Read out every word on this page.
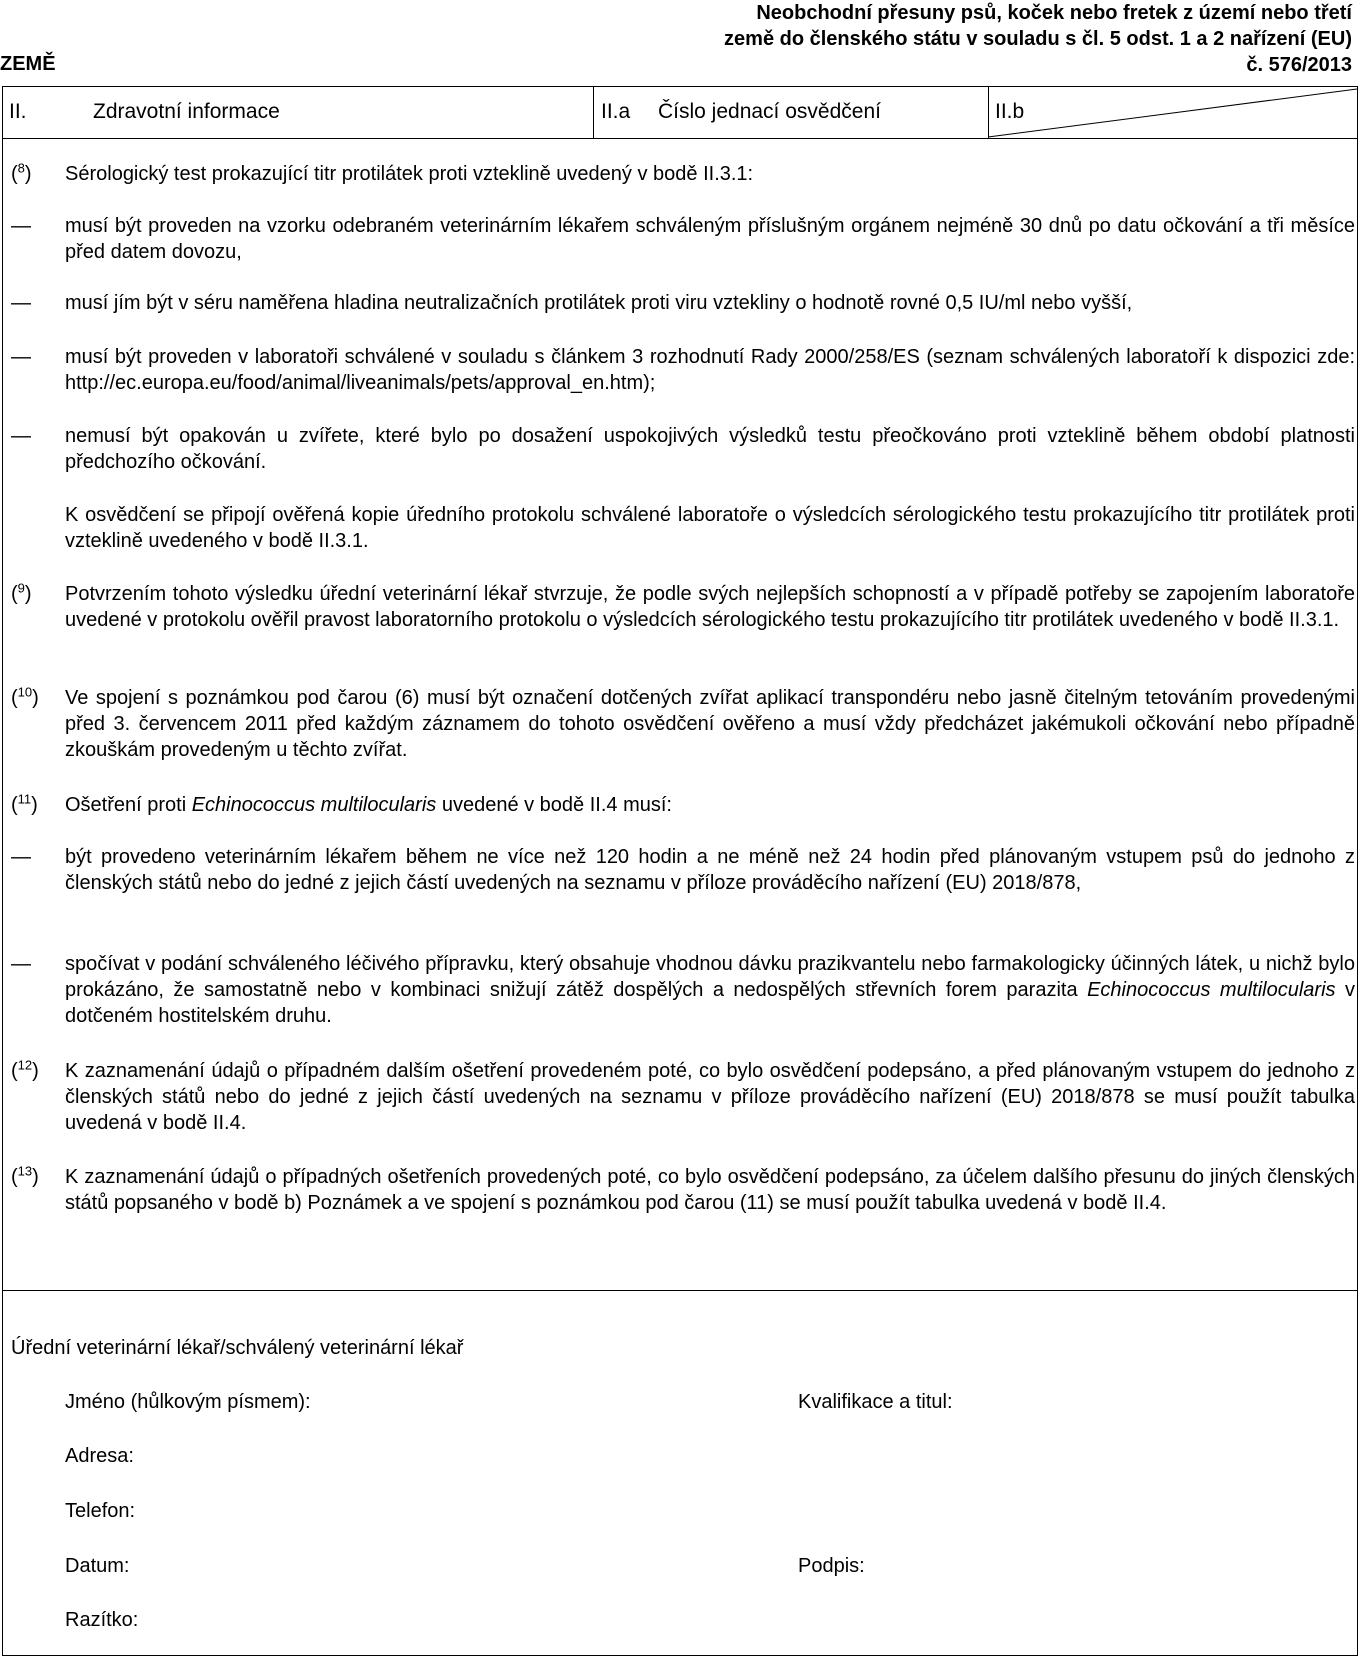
ZEMĚ
Neobchodní přesuny psů, koček nebo fretek z území nebo třetí
země do členského státu v souladu s čl. 5 odst. 1 a 2 nařízení (EU)
č. 576/2013
II.	Zdravotní informace	II.a Číslo jednací osvědčení	II.b
($^8$) Sérologický test prokazující titr protilátek proti vzteklině uvedený v bodě II.3.1:
— musí být proveden na vzorku odebraném veterinárním lékařem schváleným příslušným orgánem nejméně 30 dnů po datu očkování a tři měsíce před datem dovozu,
— musí jím být v séru naměřena hladina neutralizačních protilátek proti viru vztekliny o hodnotě rovné 0,5 IU/ml nebo vyšší,
— musí být proveden v laboratoři schválené v souladu s článkem 3 rozhodnutí Rady 2000/258/ES (seznam schválených laboratoří k dispozici zde: http://ec.europa.eu/food/animal/liveanimals/pets/approval_en.htm);
— nemusí být opakován u zvířete, které bylo po dosažení uspokojivých výsledků testu přeočkováno proti vzteklině během období platnosti předchozího očkování.
K osvědčení se připojí ověřená kopie úředního protokolu schválené laboratoře o výsledcích sérologického testu prokazujícího titr protilátek proti vzteklině uvedeného v bodě II.3.1.
($^9$) Potvrzením tohoto výsledku úřední veterinární lékař stvrzuje, že podle svých nejlepších schopností a v případě potřeby se zapojením laboratoře uvedené v protokolu ověřil pravost laboratorního protokolu o výsledcích sérologického testu prokazujícího titr protilátek uvedeného v bodě II.3.1.
($^{10}$) Ve spojení s poznámkou pod čarou (6) musí být označení dotčených zvířat aplikací transpondéru nebo jasně čitelným tetováním provedenými před 3. červencem 2011 před každým záznamem do tohoto osvědčení ověřeno a musí vždy předcházet jakémukoli očkování nebo případně zkouškám provedeným u těchto zvířat.
($^{11}$) Ošetření proti Echinococcus multilocularis uvedené v bodě II.4 musí:
— být provedeno veterinárním lékařem během ne více než 120 hodin a ne méně než 24 hodin před plánovaným vstupem psů do jednoho z členských států nebo do jedné z jejich částí uvedených na seznamu v příloze prováděcího nařízení (EU) 2018/878,
— spočívat v podání schváleného léčivého přípravku, který obsahuje vhodnou dávku prazikvantelu nebo farmakologicky účinných látek, u nichž bylo prokázáno, že samostatně nebo v kombinaci snižují zátěž dospělých a nedospělých střevních forem parazita Echinococcus multilocularis v dotčeném hostitelském druhu.
($^{12}$) K zaznamenání údajů o případném dalším ošetření provedeném poté, co bylo osvědčení podepsáno, a před plánovaným vstupem do jednoho z členských států nebo do jedné z jejich částí uvedených na seznamu v příloze prováděcího nařízení (EU) 2018/878 se musí použít tabulka uvedená v bodě II.4.
($^{13}$) K zaznamenání údajů o případných ošetřeních provedených poté, co bylo osvědčení podepsáno, za účelem dalšího přesunu do jiných členských států popsaného v bodě b) Poznámek a ve spojení s poznámkou pod čarou (11) se musí použít tabulka uvedená v bodě II.4.
Úřední veterinární lékař/schválený veterinární lékař
Jméno (hůlkovým písmem):	Kvalifikace a titul:
Adresa:
Telefon:
Datum:	Podpis:
Razítko:
